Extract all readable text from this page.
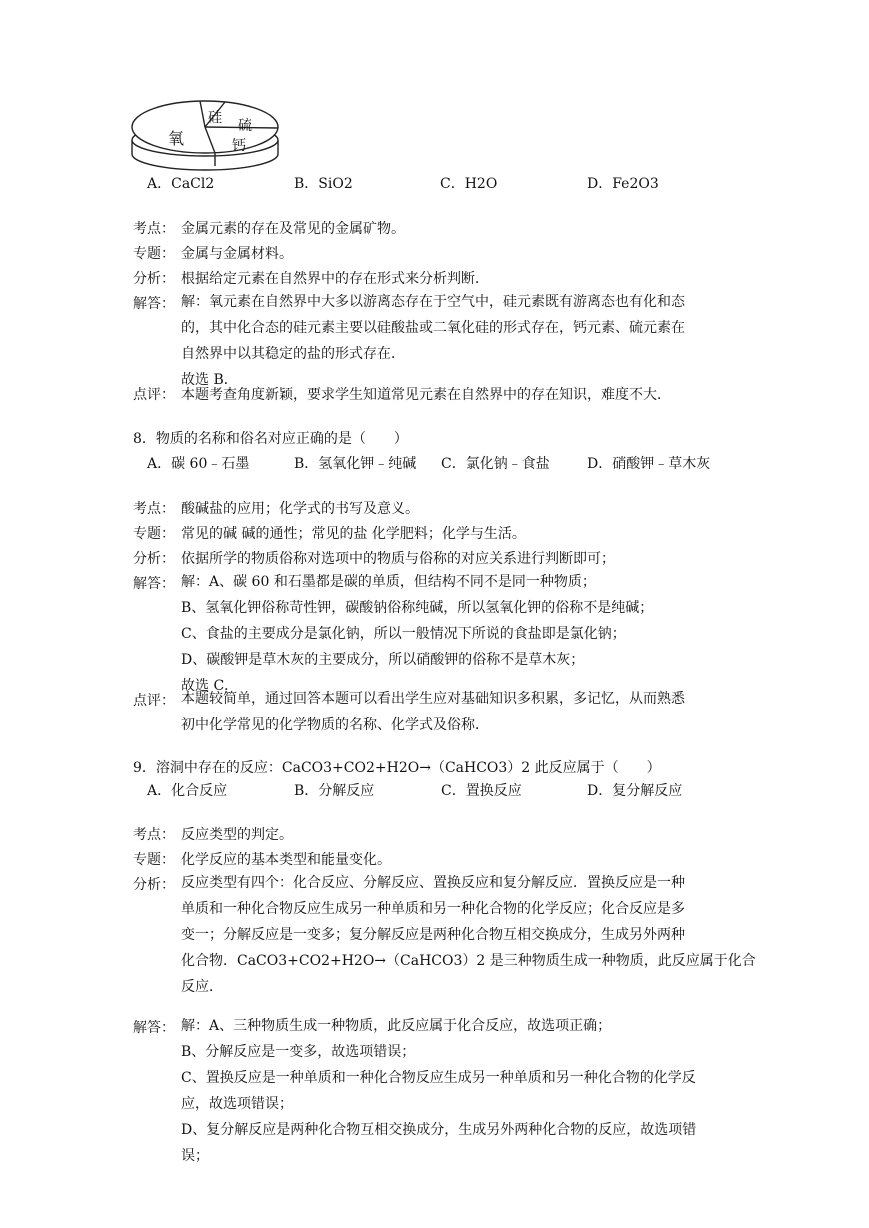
氧
硅 硫
钙
A．CaCl2	B．SiO2	C．H2O	D．Fe2O3
考点： 金属元素的存在及常见的金属矿物。
专题： 金属与金属材料。
分析： 根据给定元素在自然界中的存在形式来分析判断．
解答： 解：氧元素在自然界中大多以游离态存在于空气中，硅元素既有游离态也有化和态
的，其中化合态的硅元素主要以硅酸盐或二氧化硅的形式存在，钙元素、硫元素在
自然界中以其稳定的盐的形式存在．
故选 B．
点评： 本题考查角度新颖，要求学生知道常见元素在自然界中的存在知识，难度不大．
8．物质的名称和俗名对应正确的是（　　）
A．碳 60﹣石墨	B．氢氧化钾﹣纯碱 C．氯化钠﹣食盐	D．硝酸钾﹣草木灰
考点： 酸碱盐的应用；化学式的书写及意义。
专题： 常见的碱 碱的通性；常见的盐 化学肥料；化学与生活。
分析： 依据所学的物质俗称对选项中的物质与俗称的对应关系进行判断即可；
解答： 解：A、碳 60 和石墨都是碳的单质，但结构不同不是同一种物质；
B、氢氧化钾俗称苛性钾，碳酸钠俗称纯碱，所以氢氧化钾的俗称不是纯碱；
C、食盐的主要成分是氯化钠，所以一般情况下所说的食盐即是氯化钠；
D、碳酸钾是草木灰的主要成分，所以硝酸钾的俗称不是草木灰；
故选 C．
点评： 本题较简单，通过回答本题可以看出学生应对基础知识多积累，多记忆，从而熟悉
初中化学常见的化学物质的名称、化学式及俗称．
9．溶洞中存在的反应：CaCO3+CO2+H2O→（CaHCO3）2 此反应属于（　　）
A．化合反应	B．分解反应	C．置换反应	D．复分解反应
考点： 反应类型的判定。
专题： 化学反应的基本类型和能量变化。
分析： 反应类型有四个：化合反应、分解反应、置换反应和复分解反应．置换反应是一种
单质和一种化合物反应生成另一种单质和另一种化合物的化学反应；化合反应是多
变一；分解反应是一变多；复分解反应是两种化合物互相交换成分，生成另外两种
化合物．CaCO3+CO2+H2O→（CaHCO3）2 是三种物质生成一种物质，此反应属于化合
反应．
解答： 解：A、三种物质生成一种物质，此反应属于化合反应，故选项正确；
B、分解反应是一变多，故选项错误；
C、置换反应是一种单质和一种化合物反应生成另一种单质和另一种化合物的化学反
应，故选项错误；
D、复分解反应是两种化合物互相交换成分，生成另外两种化合物的反应，故选项错
误；
